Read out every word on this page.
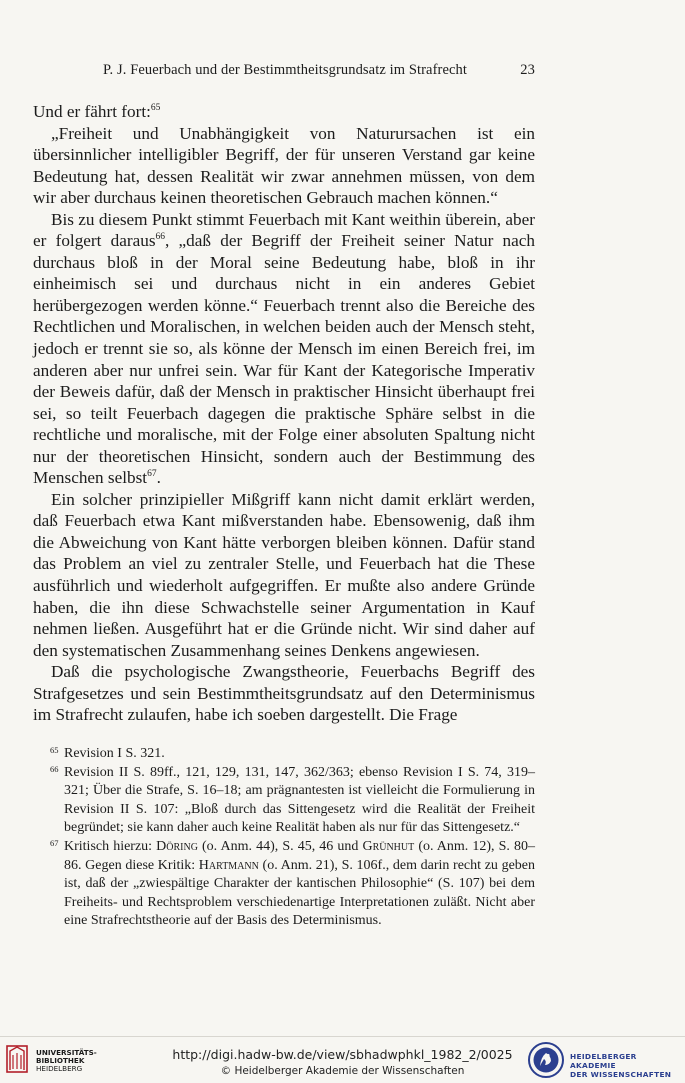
P. J. Feuerbach und der Bestimmtheitsgrundsatz im Strafrecht	23

Und er fährt fort:$^{65}$

„Freiheit und Unabhängigkeit von Naturursachen ist ein übersinnlicher intelligibler Begriff, der für unseren Verstand gar keine Bedeutung hat, dessen Realität wir zwar annehmen müssen, von dem wir aber durchaus keinen theoretischen Gebrauch machen können.“

Bis zu diesem Punkt stimmt Feuerbach mit Kant weithin überein, aber er folgert daraus$^{66}$, „daß der Begriff der Freiheit seiner Natur nach durchaus bloß in der Moral seine Bedeutung habe, bloß in ihr einheimisch sei und durchaus nicht in ein anderes Gebiet herübergezogen werden könne.“ Feuerbach trennt also die Bereiche des Rechtlichen und Moralischen, in welchen beiden auch der Mensch steht, jedoch er trennt sie so, als könne der Mensch im einen Bereich frei, im anderen aber nur unfrei sein. War für Kant der Kategorische Imperativ der Beweis dafür, daß der Mensch in praktischer Hinsicht überhaupt frei sei, so teilt Feuerbach dagegen die praktische Sphäre selbst in die rechtliche und moralische, mit der Folge einer absoluten Spaltung nicht nur der theoretischen Hinsicht, sondern auch der Bestimmung des Menschen selbst$^{67}$.

Ein solcher prinzipieller Mißgriff kann nicht damit erklärt werden, daß Feuerbach etwa Kant mißverstanden habe. Ebensowenig, daß ihm die Abweichung von Kant hätte verborgen bleiben können. Dafür stand das Problem an viel zu zentraler Stelle, und Feuerbach hat die These ausführlich und wiederholt aufgegriffen. Er mußte also andere Gründe haben, die ihn diese Schwachstelle seiner Argumentation in Kauf nehmen ließen. Ausgeführt hat er die Gründe nicht. Wir sind daher auf den systematischen Zusammenhang seines Denkens angewiesen.

Daß die psychologische Zwangstheorie, Feuerbachs Begriff des Strafgesetzes und sein Bestimmtheitsgrundsatz auf den Determinismus im Strafrecht zulaufen, habe ich soeben dargestellt. Die Frage

65 Revision I S. 321.
66 Revision II S. 89ff., 121, 129, 131, 147, 362/363; ebenso Revision I S. 74, 319–321; Über die Strafe, S. 16–18; am prägnantesten ist vielleicht die Formulierung in Revision II S. 107: „Bloß durch das Sittengesetz wird die Realität der Freiheit begründet; sie kann daher auch keine Realität haben als nur für das Sittengesetz.“
67 Kritisch hierzu: Döring (o. Anm. 44), S. 45, 46 und Grünhut (o. Anm. 12), S. 80–86. Gegen diese Kritik: Hartmann (o. Anm. 21), S. 106f., dem darin recht zu geben ist, daß der „zwiespältige Charakter der kantischen Philosophie“ (S. 107) bei dem Freiheits- und Rechtsproblem verschiedenartige Interpretationen zuläßt. Nicht aber eine Strafrechtstheorie auf der Basis des Determinismus.
UNIVERSITÄTS-
BIBLIOTHEK
HEIDELBERG
http://digi.hadw-bw.de/view/sbhadwphkl_1982_2/0025
© Heidelberger Akademie der Wissenschaften
HEIDELBERGER AKADEMIE
DER WISSENSCHAFTEN
